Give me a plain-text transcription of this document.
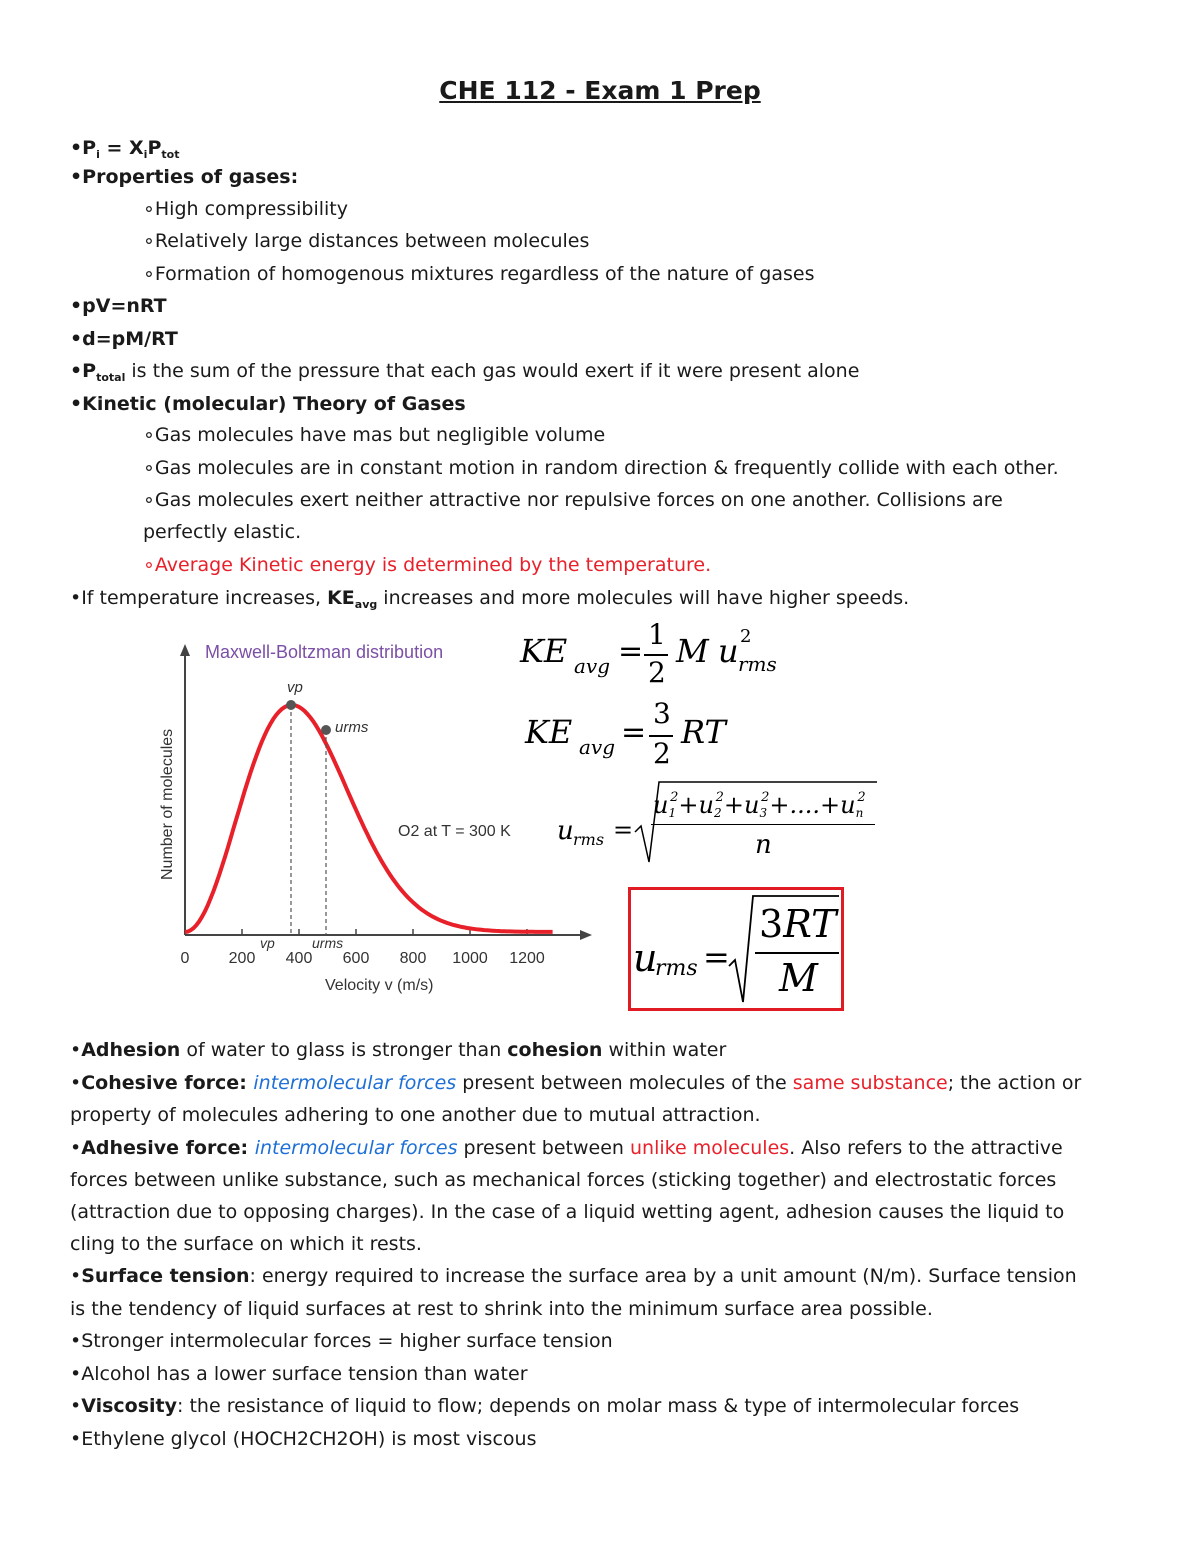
CHE 112 - Exam 1 Prep
$•P_i = X_iP_{tot}$
•Properties of gases:
∘High compressibility
∘Relatively large distances between molecules
∘Formation of homogenous mixtures regardless of the nature of gases
•pV=nRT
•d=pM/RT
$•P_{total}$ is the sum of the pressure that each gas would exert if it were present alone
•Kinetic (molecular) Theory of Gases
∘Gas molecules have mas but negligible volume
∘Gas molecules are in constant motion in random direction & frequently collide with each other.
∘Gas molecules exert neither attractive nor repulsive forces on one another. Collisions are
perfectly elastic.
∘Average Kinetic energy is determined by the temperature.
•If temperature increases, $KE_{avg}$ increases and more molecules will have higher speeds.
Maxwell-Boltzman distribution
Number of molecules
0 200 400 600 800 1000 1200
Velocity v (m/s)
vp
urms
vp	urms
O2 at T = 300 K
KE avg = 1
2
M u 2
rms
KE avg =
3
2
RT
u rms =
$u_1^2+u_2^2+u_3^2+....+u_n^2$
n
u
rms =
3RT
M
•Adhesion of water to glass is stronger than cohesion within water
•Cohesive force: intermolecular forces present between molecules of the same substance; the action or
property of molecules adhering to one another due to mutual attraction.
•Adhesive force: intermolecular forces present between unlike molecules. Also refers to the attractive
forces between unlike substance, such as mechanical forces (sticking together) and electrostatic forces
(attraction due to opposing charges). In the case of a liquid wetting agent, adhesion causes the liquid to
cling to the surface on which it rests.
•Surface tension: energy required to increase the surface area by a unit amount (N/m). Surface tension
is the tendency of liquid surfaces at rest to shrink into the minimum surface area possible.
•Stronger intermolecular forces = higher surface tension
•Alcohol has a lower surface tension than water
•Viscosity: the resistance of liquid to flow; depends on molar mass & type of intermolecular forces
•Ethylene glycol (HOCH2CH2OH) is most viscous
